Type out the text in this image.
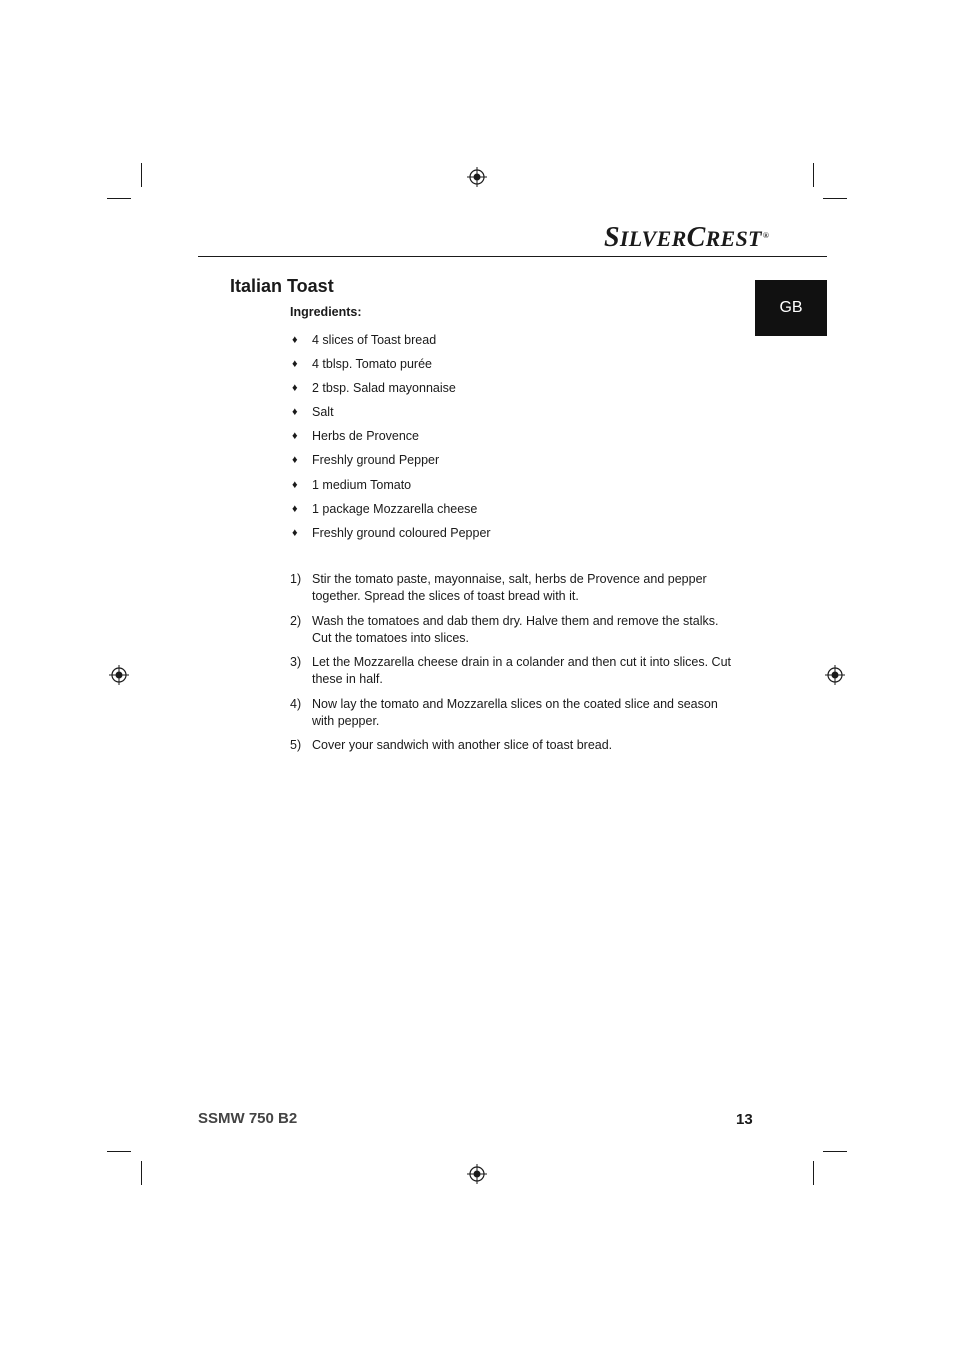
SILVERCREST®
GB
Italian Toast
Ingredients:
♦	4 slices of Toast bread
♦	4 tblsp. Tomato purée
♦	2 tbsp. Salad mayonnaise
♦	Salt
♦	Herbs de Provence
♦	Freshly ground Pepper
♦	1 medium Tomato
♦	1 package Mozzarella cheese
♦	Freshly ground coloured Pepper
1) Stir the tomato paste, mayonnaise, salt, herbs de Provence and pepper together. Spread the slices of toast bread with it.
2) Wash the tomatoes and dab them dry. Halve them and remove the stalks. Cut the tomatoes into slices.
3) Let the Mozzarella cheese drain in a colander and then cut it into slices. Cut these in half.
4) Now lay the tomato and Mozzarella slices on the coated slice and season with pepper.
5) Cover your sandwich with another slice of toast bread.
SSMW 750 B2	13
